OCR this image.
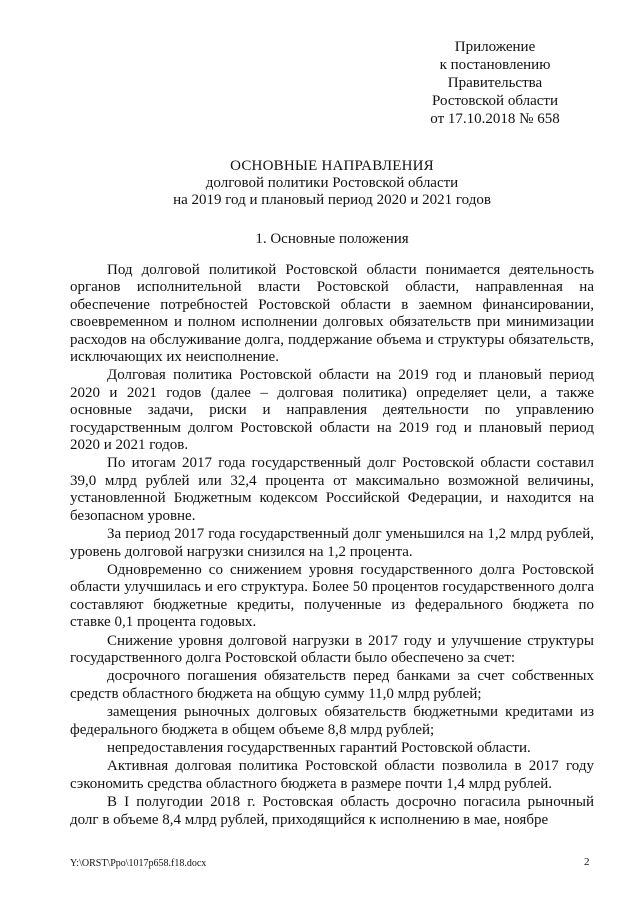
Приложение
к постановлению
Правительства
Ростовской области
от 17.10.2018 № 658
ОСНОВНЫЕ НАПРАВЛЕНИЯ
долговой политики Ростовской области
на 2019 год и плановый период 2020 и 2021 годов
1. Основные положения

Под долговой политикой Ростовской области понимается деятельность органов исполнительной власти Ростовской области, направленная на обеспечение потребностей Ростовской области в заемном финансировании, своевременном и полном исполнении долговых обязательств при минимизации расходов на обслуживание долга, поддержание объема и структуры обязательств, исключающих их неисполнение.

Долговая политика Ростовской области на 2019 год и плановый период 2020 и 2021 годов (далее – долговая политика) определяет цели, а также основные задачи, риски и направления деятельности по управлению государственным долгом Ростовской области на 2019 год и плановый период 2020 и 2021 годов.

По итогам 2017 года государственный долг Ростовской области составил 39,0 млрд рублей или 32,4 процента от максимально возможной величины, установленной Бюджетным кодексом Российской Федерации, и находится на безопасном уровне.

За период 2017 года государственный долг уменьшился на 1,2 млрд рублей, уровень долговой нагрузки снизился на 1,2 процента.

Одновременно со снижением уровня государственного долга Ростовской области улучшилась и его структура. Более 50 процентов государственного долга составляют бюджетные кредиты, полученные из федерального бюджета по ставке 0,1 процента годовых.

Снижение уровня долговой нагрузки в 2017 году и улучшение структуры государственного долга Ростовской области было обеспечено за счет:

досрочного погашения обязательств перед банками за счет собственных средств областного бюджета на общую сумму 11,0 млрд рублей;

замещения рыночных долговых обязательств бюджетными кредитами из федерального бюджета в общем объеме 8,8 млрд рублей;

непредоставления государственных гарантий Ростовской области.

Активная долговая политика Ростовской области позволила в 2017 году сэкономить средства областного бюджета в размере почти 1,4 млрд рублей.

В I полугодии 2018 г. Ростовская область досрочно погасила рыночный долг в объеме 8,4 млрд рублей, приходящийся к исполнению в мае, ноябре

Y:\ORST\Ppo\1017p658.f18.docx	2
